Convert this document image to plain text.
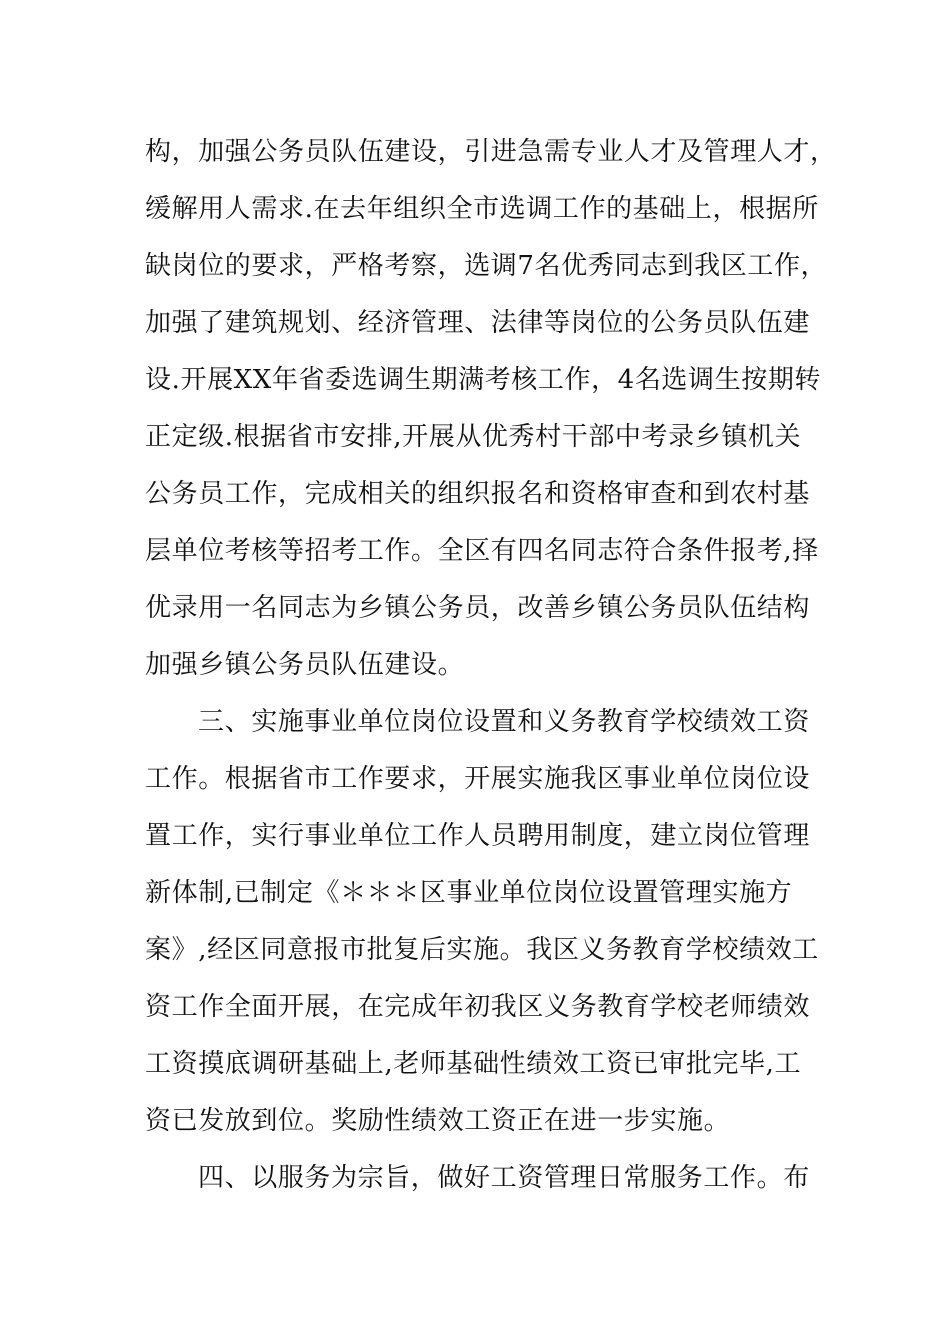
构，加强公务员队伍建设，引进急需专业人才及管理人才，
缓解用人需求.在去年组织全市选调工作的基础上，根据所
缺岗位的要求，严格考察，选调7名优秀同志到我区工作，
加强了建筑规划、经济管理、法律等岗位的公务员队伍建
设.开展XX年省委选调生期满考核工作，4名选调生按期转
正定级.根据省市安排,开展从优秀村干部中考录乡镇机关
公务员工作，完成相关的组织报名和资格审查和到农村基
层单位考核等招考工作。全区有四名同志符合条件报考,择
优录用一名同志为乡镇公务员，改善乡镇公务员队伍结构
加强乡镇公务员队伍建设。
三、实施事业单位岗位设置和义务教育学校绩效工资
工作。根据省市工作要求，开展实施我区事业单位岗位设
置工作，实行事业单位工作人员聘用制度，建立岗位管理
新体制,已制定《＊＊＊区事业单位岗位设置管理实施方
案》,经区同意报市批复后实施。我区义务教育学校绩效工
资工作全面开展，在完成年初我区义务教育学校老师绩效
工资摸底调研基础上,老师基础性绩效工资已审批完毕,工
资已发放到位。奖励性绩效工资正在进一步实施。
四、以服务为宗旨，做好工资管理日常服务工作。布
